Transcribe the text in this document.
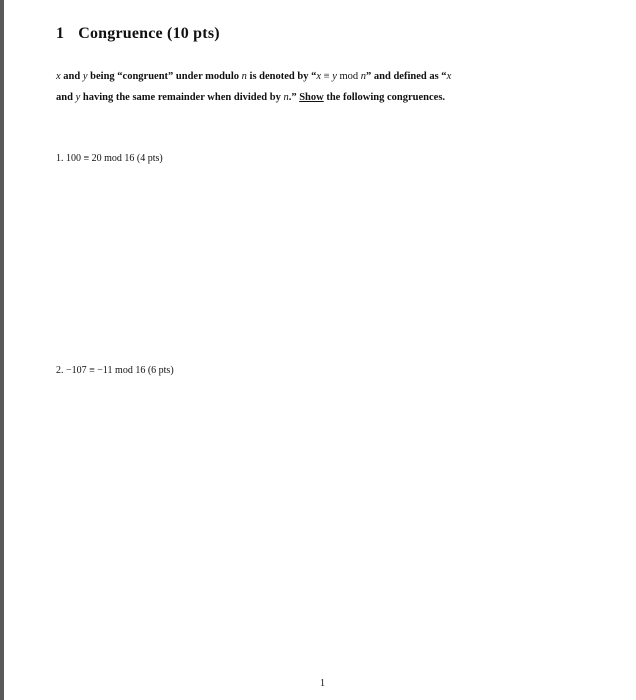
1 Congruence (10 pts)
x and y being “congruent” under modulo n is denoted by “x ≡ y mod n” and defined as “x
and y having the same remainder when divided by n.” Show the following congruences.
1. 100 ≡ 20 mod 16 (4 pts)
2. −107 ≡ −11 mod 16 (6 pts)
1
